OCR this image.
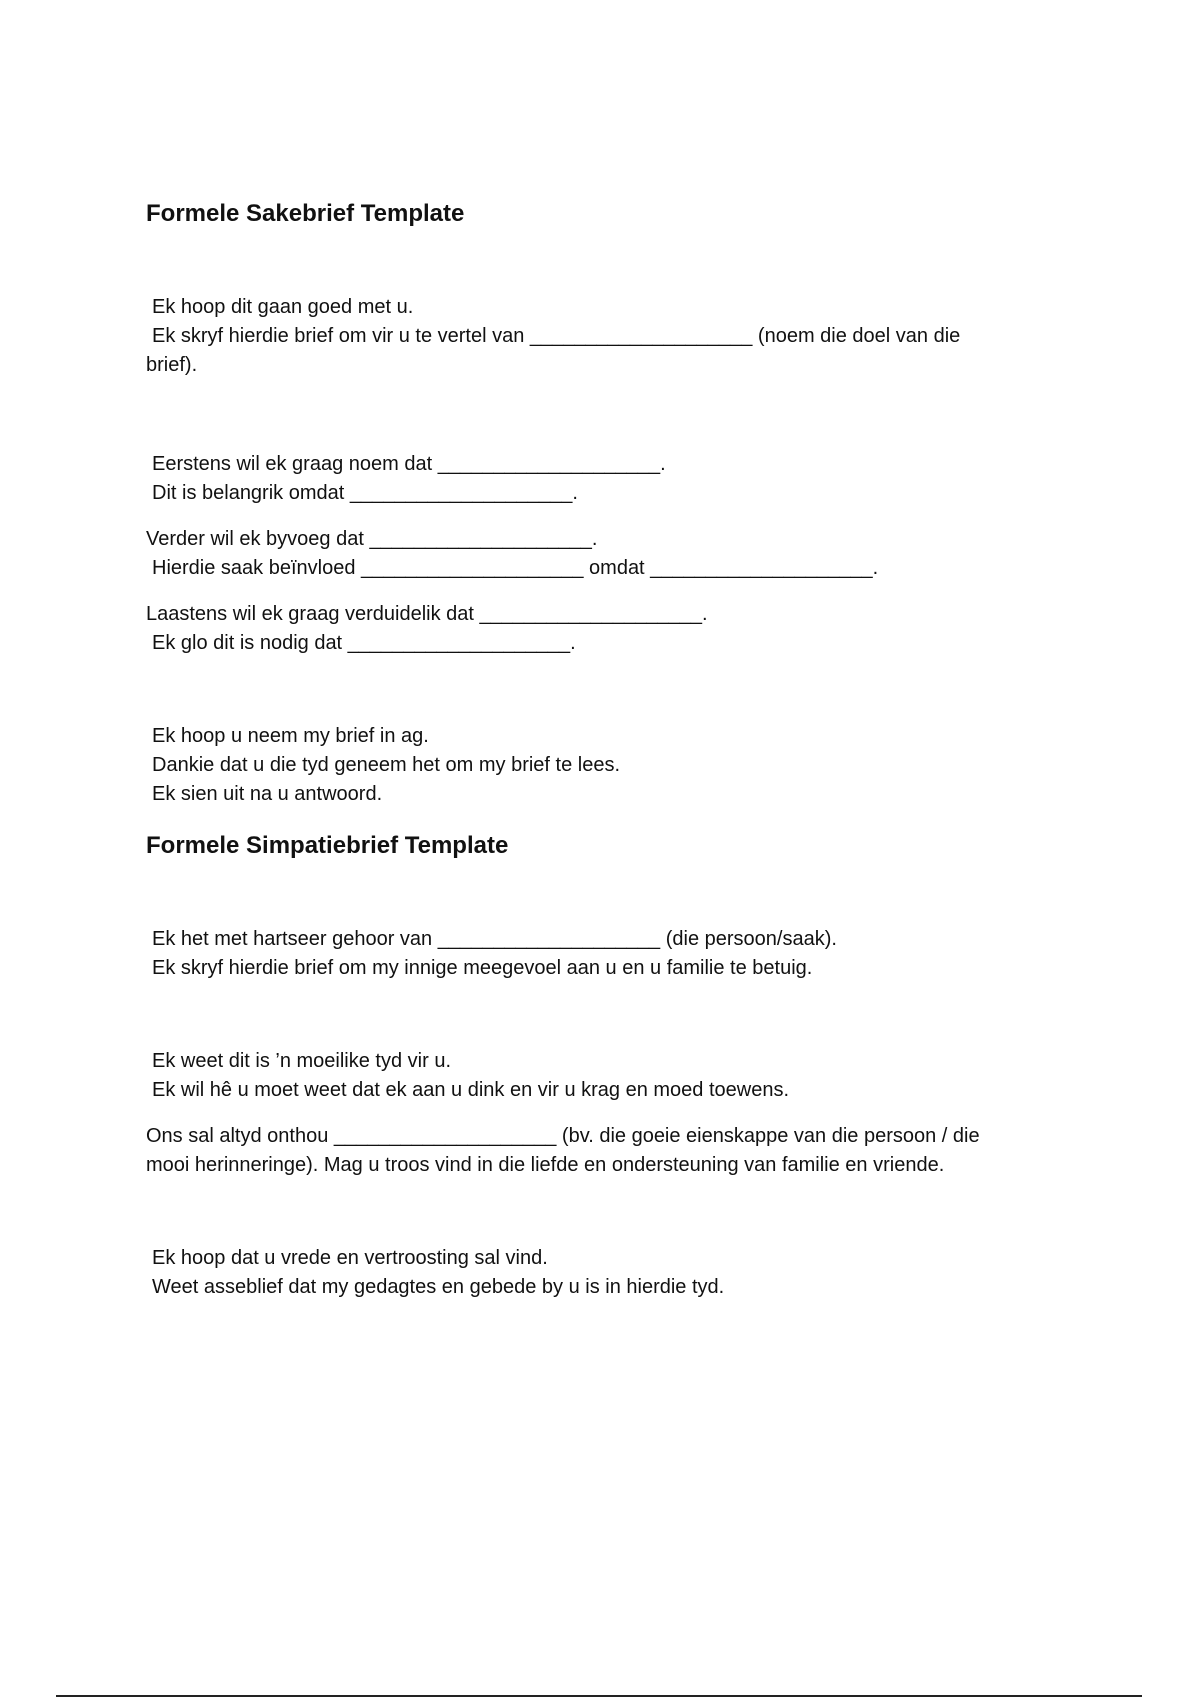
Formele Sakebrief Template

Ek hoop dit gaan goed met u.
Ek skryf hierdie brief om vir u te vertel van ____________________ (noem die doel van die
brief).

Eerstens wil ek graag noem dat ____________________.
Dit is belangrik omdat ____________________.

Verder wil ek byvoeg dat ____________________.
Hierdie saak beïnvloed ____________________ omdat ____________________.

Laastens wil ek graag verduidelik dat ____________________.
Ek glo dit is nodig dat ____________________.

Ek hoop u neem my brief in ag.
Dankie dat u die tyd geneem het om my brief te lees.
Ek sien uit na u antwoord.

Formele Simpatiebrief Template

Ek het met hartseer gehoor van ____________________ (die persoon/saak).
Ek skryf hierdie brief om my innige meegevoel aan u en u familie te betuig.

Ek weet dit is ’n moeilike tyd vir u.
Ek wil hê u moet weet dat ek aan u dink en vir u krag en moed toewens.

Ons sal altyd onthou ____________________ (bv. die goeie eienskappe van die persoon / die
mooi herinneringe). Mag u troos vind in die liefde en ondersteuning van familie en vriende.

Ek hoop dat u vrede en vertroosting sal vind.
Weet asseblief dat my gedagtes en gebede by u is in hierdie tyd.
